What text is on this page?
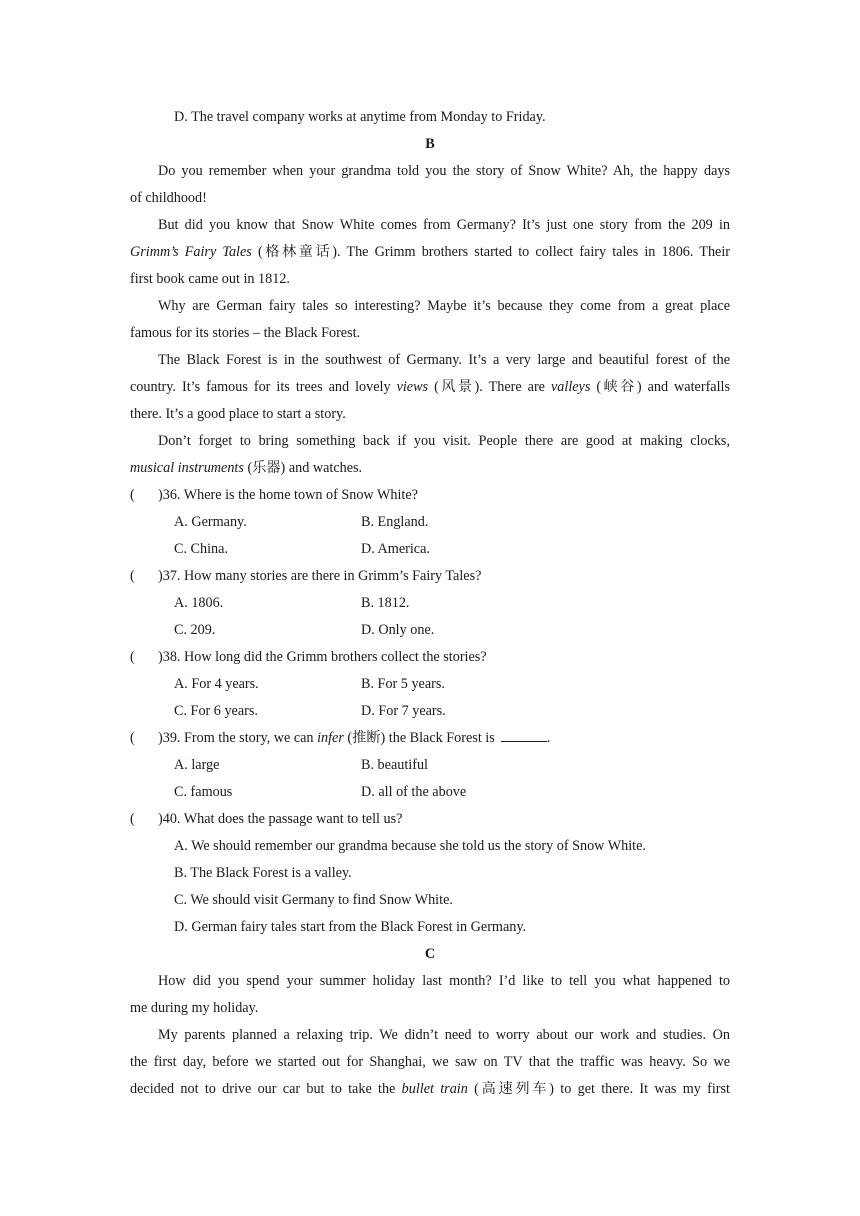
D. The travel company works at anytime from Monday to Friday.
B
Do you remember when your grandma told you the story of Snow White? Ah, the happy days
of childhood!
But did you know that Snow White comes from Germany? It’s just one story from the 209 in
Grimm’s Fairy Tales (格林童话). The Grimm brothers started to collect fairy tales in 1806. Their
first book came out in 1812.
Why are German fairy tales so interesting? Maybe it’s because they come from a great place
famous for its stories – the Black Forest.
The Black Forest is in the southwest of Germany. It’s a very large and beautiful forest of the
country. It’s famous for its trees and lovely views (风景). There are valleys (峡谷) and waterfalls
there. It’s a good place to start a story.
Don’t forget to bring something back if you visit. People there are good at making clocks,
musical instruments (乐器) and watches.
(	)36. Where is the home town of Snow White?
A. Germany.	B. England.
C. China.	D. America.
(	)37. How many stories are there in Grimm’s Fairy Tales?
A. 1806.	B. 1812.
C. 209.	D. Only one.
(	)38. How long did the Grimm brothers collect the stories?
A. For 4 years.	B. For 5 years.
C. For 6 years.	D. For 7 years.
(	)39. From the story, we can infer (推断) the Black Forest is	.
A. large	B. beautiful
C. famous	D. all of the above
(	)40. What does the passage want to tell us?
A. We should remember our grandma because she told us the story of Snow White.
B. The Black Forest is a valley.
C. We should visit Germany to find Snow White.
D. German fairy tales start from the Black Forest in Germany.
C
How did you spend your summer holiday last month? I’d like to tell you what happened to
me during my holiday.
My parents planned a relaxing trip. We didn’t need to worry about our work and studies. On
the first day, before we started out for Shanghai, we saw on TV that the traffic was heavy. So we
decided not to drive our car but to take the bullet train (高速列车) to get there. It was my first
